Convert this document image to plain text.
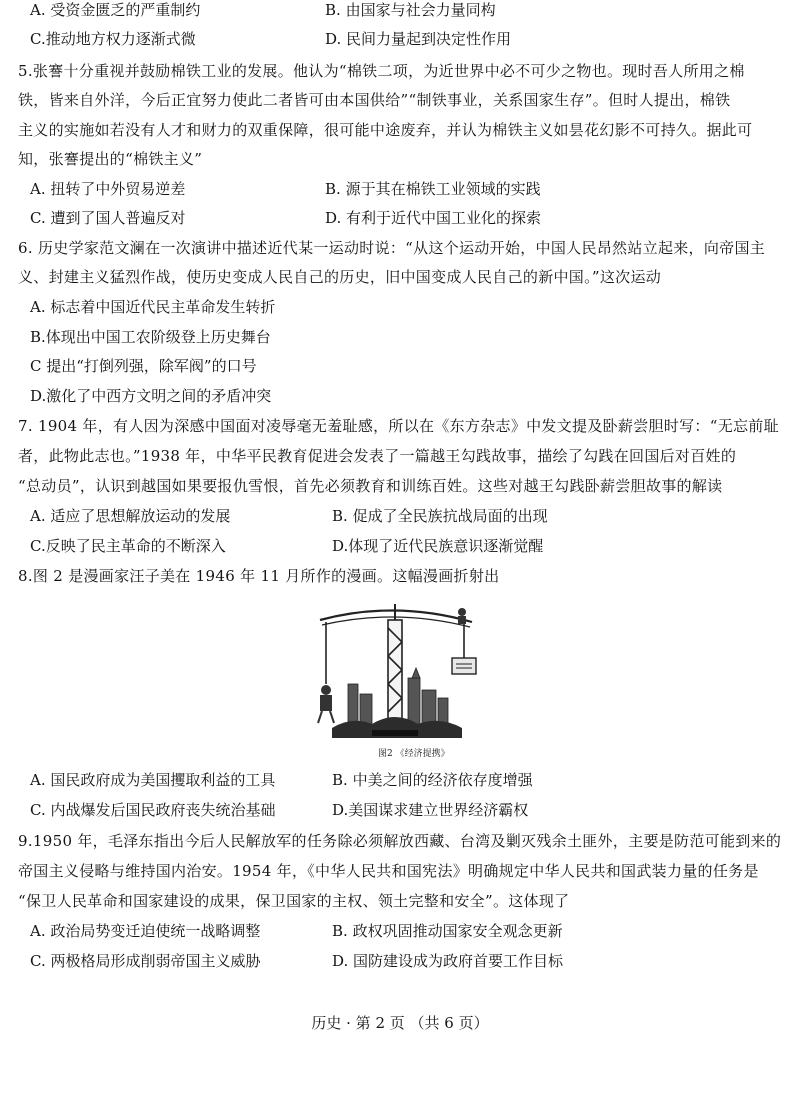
A. 受资金匮乏的严重制约	B. 由国家与社会力量同构
C.推动地方权力逐渐式微	D. 民间力量起到决定性作用
5.张謇十分重视并鼓励棉铁工业的发展。他认为“棉铁二项，为近世界中必不可少之物也。现时吾人所用之棉
铁，皆来自外洋，今后正宜努力使此二者皆可由本国供给”“制铁事业，关系国家生存”。但时人提出，棉铁
主义的实施如若没有人才和财力的双重保障，很可能中途废弃，并认为棉铁主义如昙花幻影不可持久。据此可
知，张謇提出的“棉铁主义”
A. 扭转了中外贸易逆差	B. 源于其在棉铁工业领域的实践
C. 遭到了国人普遍反对	D. 有利于近代中国工业化的探索
6. 历史学家范文澜在一次演讲中描述近代某一运动时说：“从这个运动开始，中国人民昂然站立起来，向帝国主
义、封建主义猛烈作战，使历史变成人民自己的历史，旧中国变成人民自己的新中国。”这次运动
A. 标志着中国近代民主革命发生转折
B.体现出中国工农阶级登上历史舞台
C 提出“打倒列强，除军阀”的口号
D.激化了中西方文明之间的矛盾冲突
7. 1904 年，有人因为深感中国面对凌辱毫无羞耻感，所以在《东方杂志》中发文提及卧薪尝胆时写：“无忘前耻
者，此物此志也。”1938 年，中华平民教育促进会发表了一篇越王勾践故事，描绘了勾践在回国后对百姓的
“总动员”，认识到越国如果要报仇雪恨，首先必须教育和训练百姓。这些对越王勾践卧薪尝胆故事的解读
A. 适应了思想解放运动的发展	B. 促成了全民族抗战局面的出现
C.反映了民主革命的不断深入	D.体现了近代民族意识逐渐觉醒
8.图 2 是漫画家汪子美在 1946 年 11 月所作的漫画。这幅漫画折射出
图2 《经济提携》
A. 国民政府成为美国攫取利益的工具	B. 中美之间的经济依存度增强
C. 内战爆发后国民政府丧失统治基础	D.美国谋求建立世界经济霸权
9.1950 年，毛泽东指出今后人民解放军的任务除必须解放西藏、台湾及剿灭残余土匪外，主要是防范可能到来的
帝国主义侵略与维持国内治安。1954 年，《中华人民共和国宪法》明确规定中华人民共和国武装力量的任务是
“保卫人民革命和国家建设的成果，保卫国家的主权、领土完整和安全”。这体现了
A. 政治局势变迁迫使统一战略调整	B. 政权巩固推动国家安全观念更新
C. 两极格局形成削弱帝国主义威胁	D. 国防建设成为政府首要工作目标
历史 · 第 2 页 （共 6 页）
